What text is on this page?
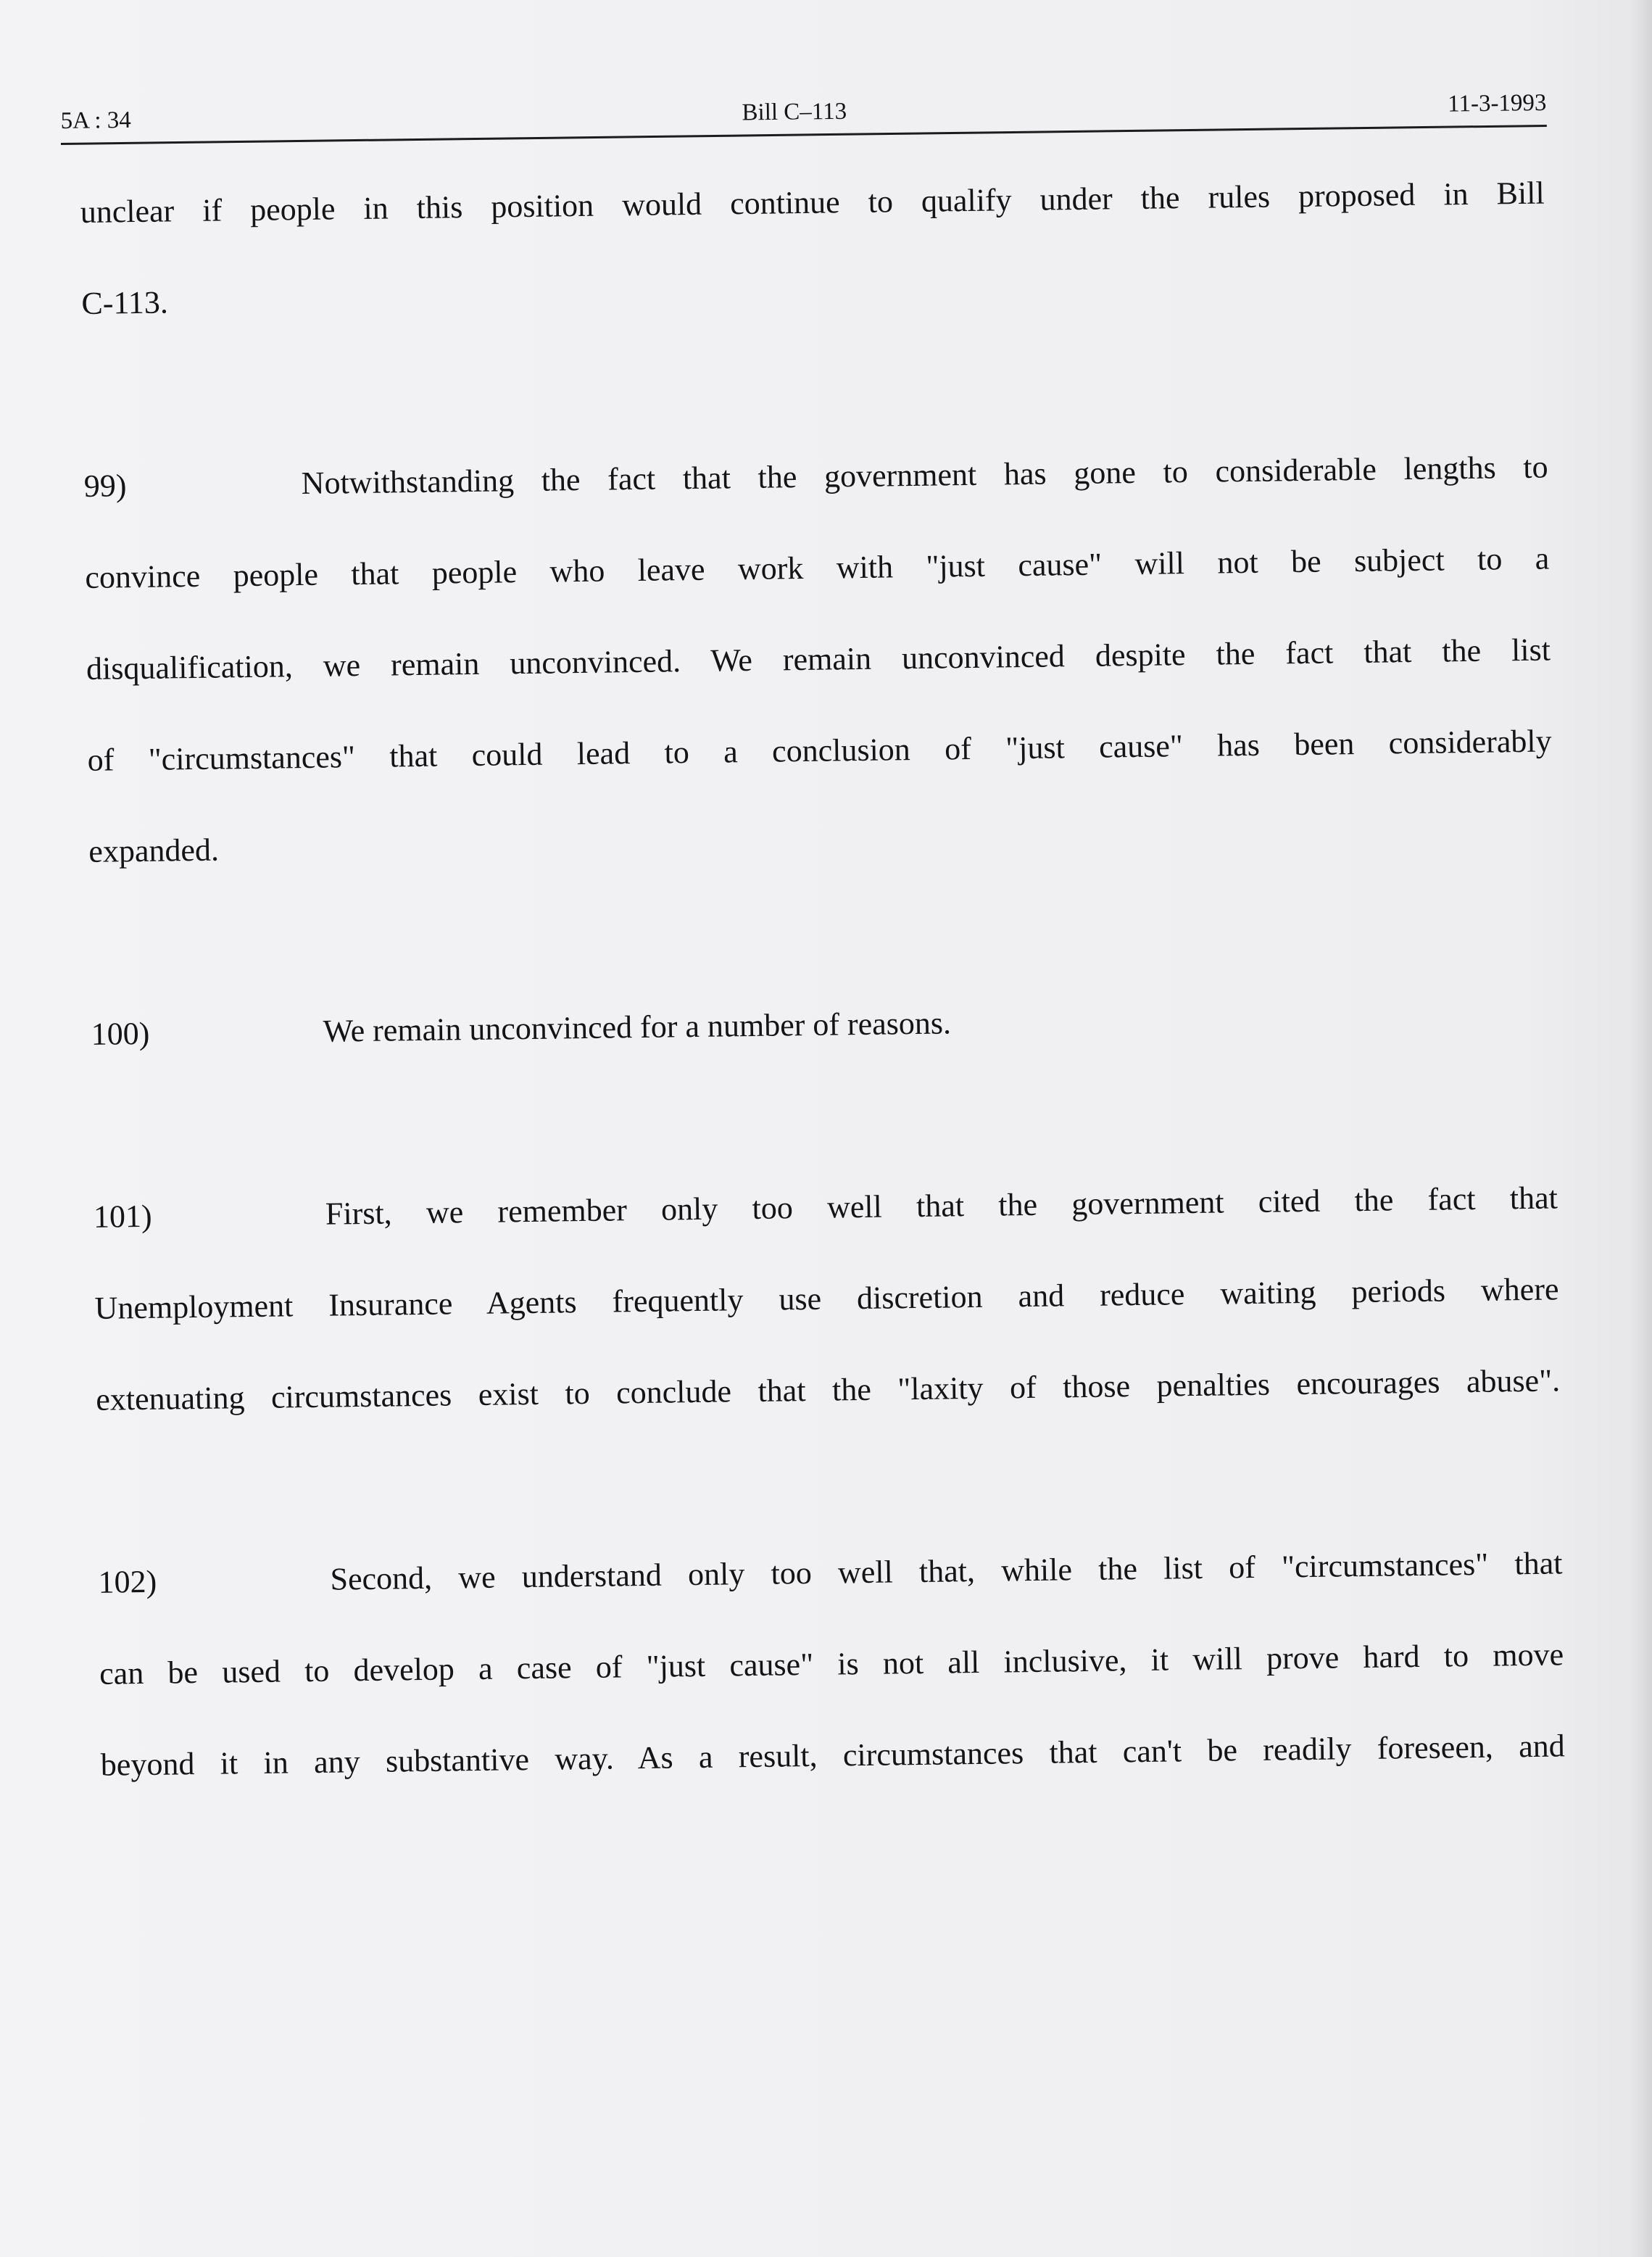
5A : 34	Bill C–113	11-3-1993
unclear if people in this position would continue to qualify under the rules proposed in Bill
C-113.
99)	Notwithstanding the fact that the government has gone to considerable lengths to
convince people that people who leave work with "just cause" will not be subject to a
disqualification, we remain unconvinced. We remain unconvinced despite the fact that the list
of "circumstances" that could lead to a conclusion of "just cause" has been considerably
expanded.
100)	We remain unconvinced for a number of reasons.
101)	First, we remember only too well that the government cited the fact that
Unemployment Insurance Agents frequently use discretion and reduce waiting periods where
extenuating circumstances exist to conclude that the "laxity of those penalties encourages abuse".
102)	Second, we understand only too well that, while the list of "circumstances" that
can be used to develop a case of "just cause" is not all inclusive, it will prove hard to move
beyond it in any substantive way. As a result, circumstances that can't be readily foreseen, and
